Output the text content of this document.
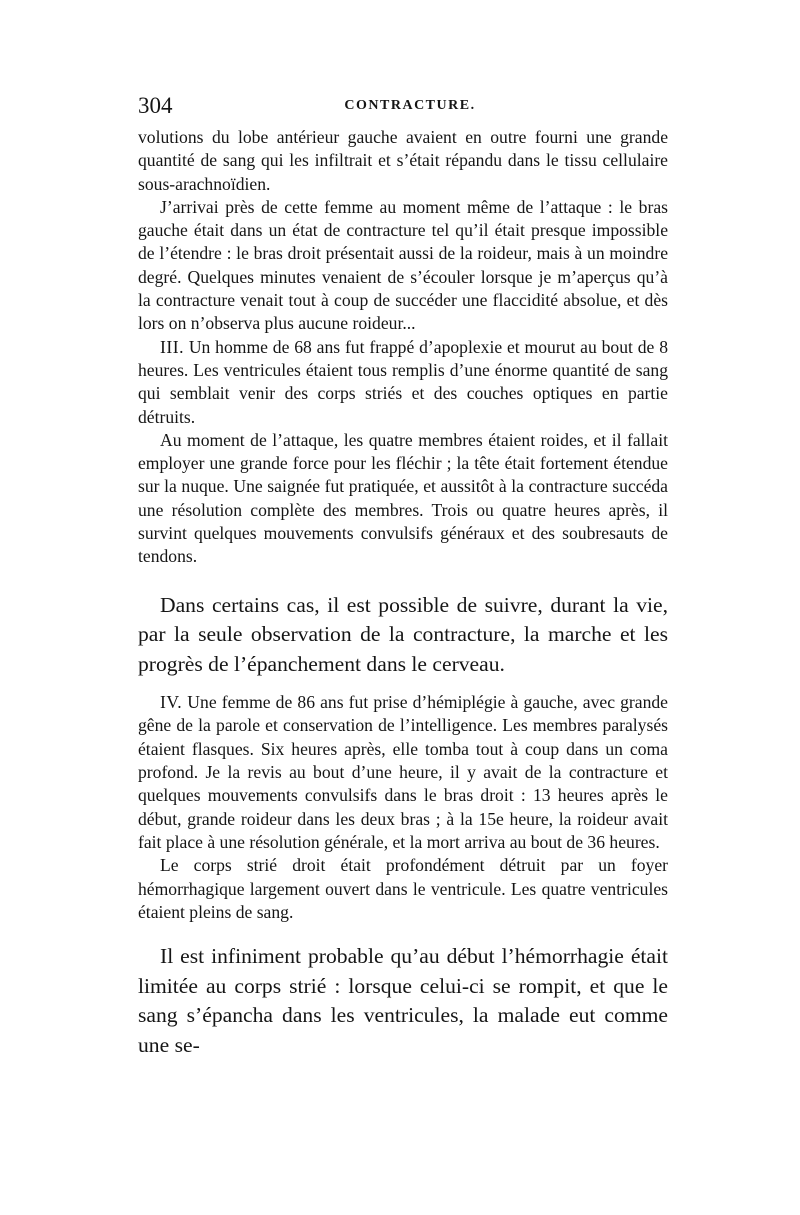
304	CONTRACTURE.

volutions du lobe antérieur gauche avaient en outre fourni une grande quantité de sang qui les infiltrait et s’était répandu dans le tissu cellulaire sous-arachnoïdien.

J’arrivai près de cette femme au moment même de l’attaque : le bras gauche était dans un état de contracture tel qu’il était presque impossible de l’étendre : le bras droit présentait aussi de la roideur, mais à un moindre degré. Quelques minutes venaient de s’écouler lorsque je m’aperçus qu’à la contracture venait tout à coup de succéder une flaccidité absolue, et dès lors on n’observa plus aucune roideur...

III. Un homme de 68 ans fut frappé d’apoplexie et mourut au bout de 8 heures. Les ventricules étaient tous remplis d’une énorme quantité de sang qui semblait venir des corps striés et des couches optiques en partie détruits.

Au moment de l’attaque, les quatre membres étaient roides, et il fallait employer une grande force pour les fléchir ; la tête était fortement étendue sur la nuque. Une saignée fut pratiquée, et aussitôt à la contracture succéda une résolution complète des membres. Trois ou quatre heures après, il survint quelques mouvements convulsifs généraux et des soubresauts de tendons.

Dans certains cas, il est possible de suivre, durant la vie, par la seule observation de la contracture, la marche et les progrès de l’épanchement dans le cerveau.

IV. Une femme de 86 ans fut prise d’hémiplégie à gauche, avec grande gêne de la parole et conservation de l’intelligence. Les membres paralysés étaient flasques. Six heures après, elle tomba tout à coup dans un coma profond. Je la revis au bout d’une heure, il y avait de la contracture et quelques mouvements convulsifs dans le bras droit : 13 heures après le début, grande roideur dans les deux bras ; à la 15e heure, la roideur avait fait place à une résolution générale, et la mort arriva au bout de 36 heures.

Le corps strié droit était profondément détruit par un foyer hémorrhagique largement ouvert dans le ventricule. Les quatre ventricules étaient pleins de sang.

Il est infiniment probable qu’au début l’hémorrhagie était limitée au corps strié : lorsque celui-ci se rompit, et que le sang s’épancha dans les ventricules, la malade eut comme une se-
